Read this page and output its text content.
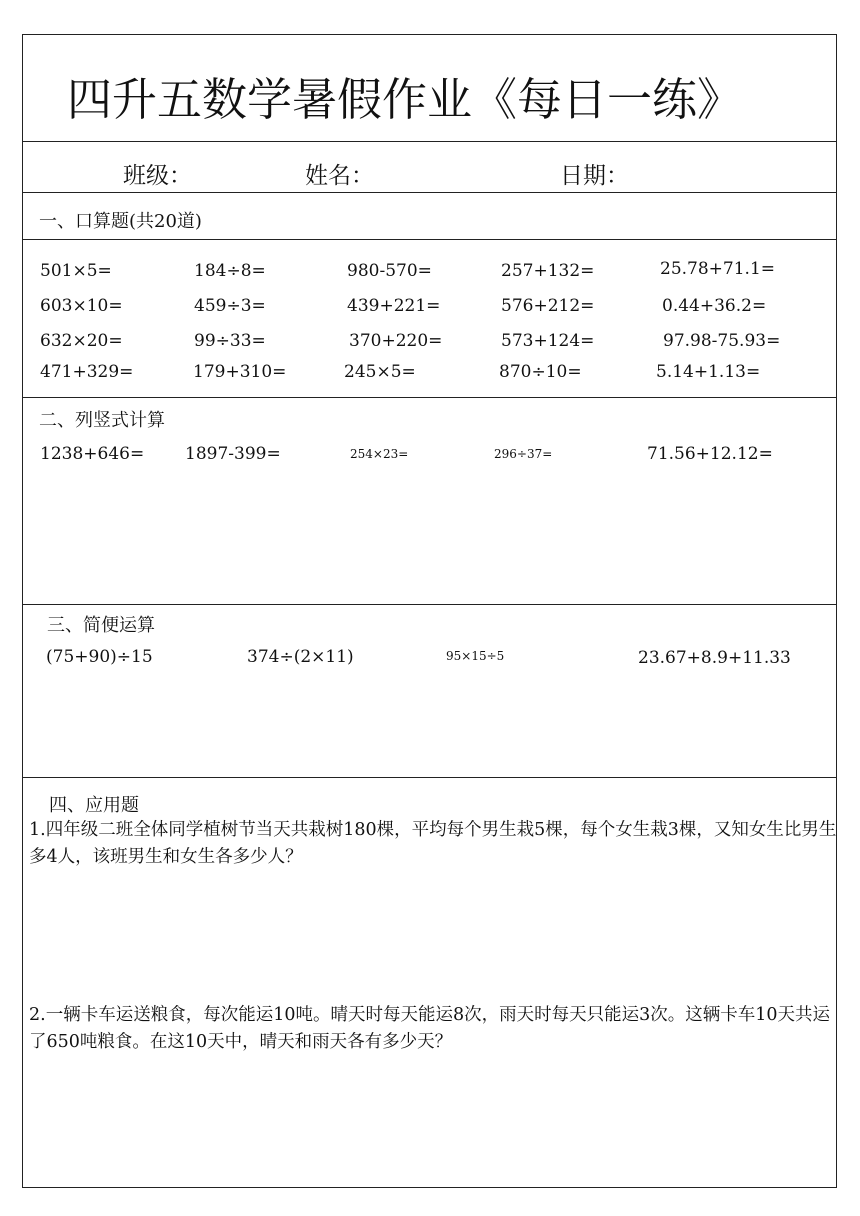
四升五数学暑假作业《每日一练》
班级：	姓名：	日期：
一、口算题(共20道)
501×5=	184÷8=	980-570=	257+132=	25.78+71.1=
603×10=	459÷3=	439+221=	576+212=	0.44+36.2=
632×20=	99÷33=	370+220=	573+124=	97.98-75.93=
471+329=	179+310=	245×5=	870÷10=	5.14+1.13=
二、列竖式计算
1238+646= 1897-399=	254×23=	296÷37=	71.56+12.12=
三、简便运算
(75+90)÷15	374÷(2×11)	95×15÷5	23.67+8.9+11.33
四、应用题
1.四年级二班全体同学植树节当天共栽树180棵，平均每个男生栽5棵，每个女生栽3棵，又知女生比男生多4人，该班男生和女生各多少人？
2.一辆卡车运送粮食，每次能运10吨。晴天时每天能运8次，雨天时每天只能运3次。这辆卡车10天共运了650吨粮食。在这10天中，晴天和雨天各有多少天？
